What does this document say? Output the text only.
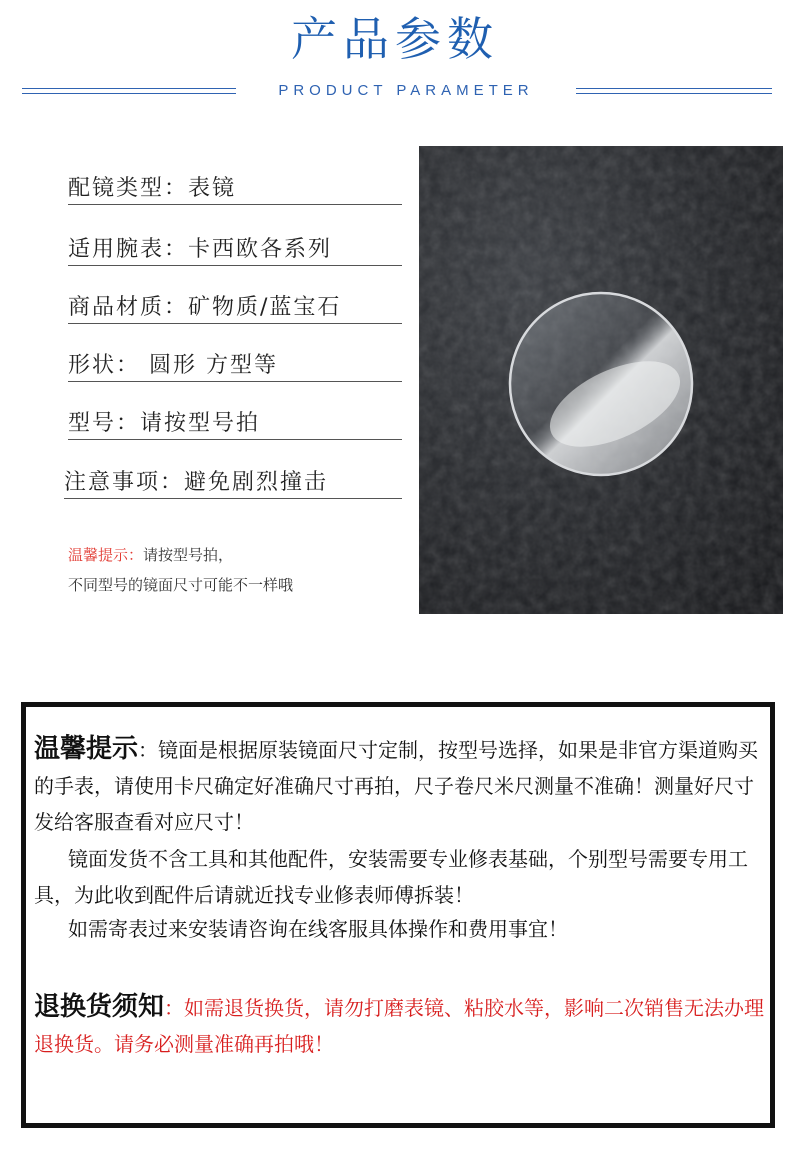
产品参数
PRODUCT PARAMETER
配镜类型：表镜
适用腕表：卡西欧各系列
商品材质：矿物质/蓝宝石
形状： 圆形 方型等
型号：请按型号拍
注意事项：避免剧烈撞击
温馨提示：请按型号拍，
不同型号的镜面尺寸可能不一样哦

温馨提示：镜面是根据原装镜面尺寸定制，按型号选择，如果是非官方渠道购买的手表，请使用卡尺确定好准确尺寸再拍，尺子卷尺米尺测量不准确！测量好尺寸发给客服查看对应尺寸！

镜面发货不含工具和其他配件，安装需要专业修表基础，个别型号需要专用工具，为此收到配件后请就近找专业修表师傅拆装！

如需寄表过来安装请咨询在线客服具体操作和费用事宜！

退换货须知：如需退货换货，请勿打磨表镜、粘胶水等，影响二次销售无法办理退换货。请务必测量准确再拍哦！
